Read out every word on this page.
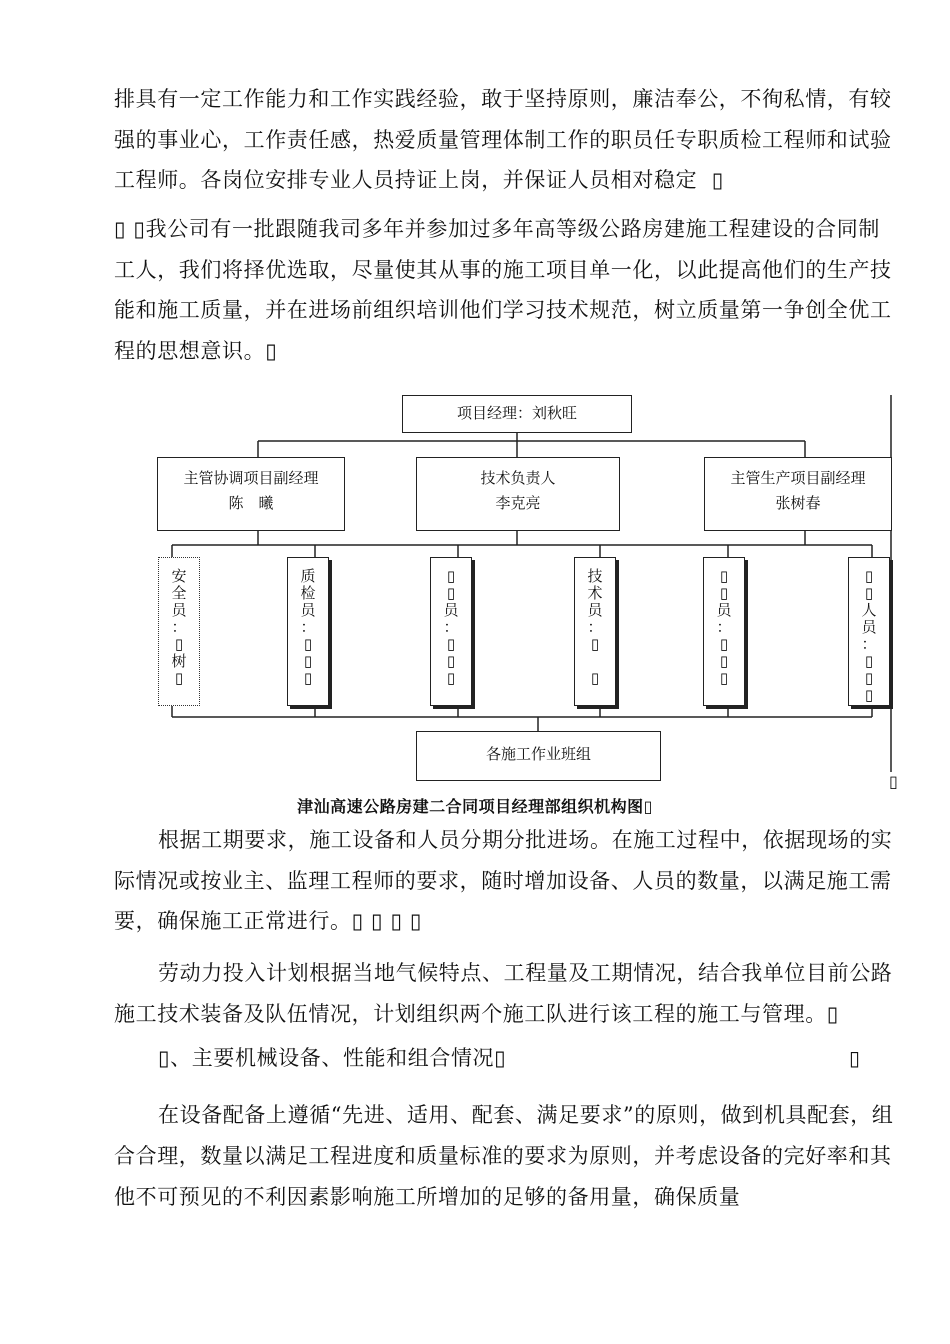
排具有一定工作能力和工作实践经验，敢于坚持原则，廉洁奉公，不徇私情，有较强的事业心，工作责任感，热爱质量管理体制工作的职员任专职质检工程师和试验工程师。各岗位安排专业人员持证上岗，并保证人员相对稳定  ▯

▯ ▯我公司有一批跟随我司多年并参加过多年高等级公路房建施工程建设的合同制工人，我们将择优选取，尽量使其从事的施工项目单一化，以此提高他们的生产技能和施工质量，并在进场前组织培训他们学习技术规范，树立质量第一争创全优工程的思想意识。▯

项目经理：刘秋旺
主管协调项目副经理
陈　曦
技术负责人
李克亮
主管生产项目副经理
张树春
安
全
员
：
▯
树
▯
质
检
员
：
▯
▯
▯
▯
▯
员
：
▯
▯
▯
技
术
员
：
▯

▯
▯
▯
员
：
▯
▯
▯
▯
▯
人
员
：
▯
▯
▯
各施工作业班组
▯
津汕高速公路房建二合同项目经理部组织机构图▯

根据工期要求，施工设备和人员分期分批进场。在施工过程中，依据现场的实际情况或按业主、监理工程师的要求，随时增加设备、人员的数量，以满足施工需要，确保施工正常进行。▯ ▯ ▯ ▯

劳动力投入计划根据当地气候特点、工程量及工期情况，结合我单位目前公路施工技术装备及队伍情况，计划组织两个施工队进行该工程的施工与管理。▯

▯、主要机械设备、性能和组合情况▯	▯

在设备配备上遵循“先进、适用、配套、满足要求”的原则，做到机具配套，组合合理，数量以满足工程进度和质量标准的要求为原则，并考虑设备的完好率和其他不可预见的不利因素影响施工所增加的足够的备用量，确保质量
